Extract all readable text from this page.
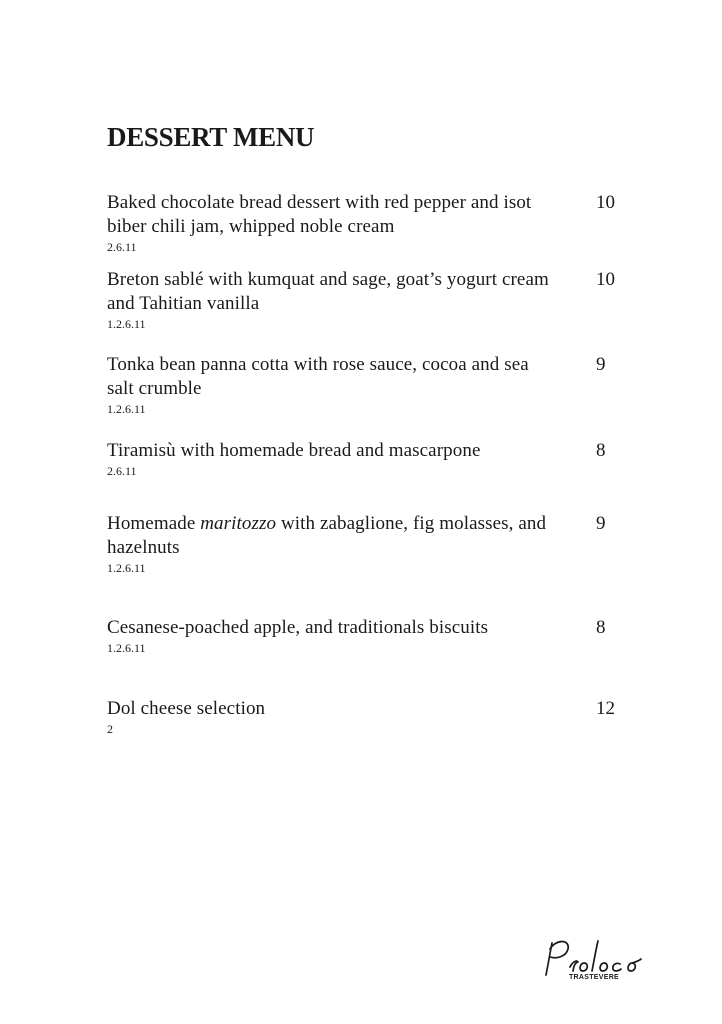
DESSERT MENU
Baked chocolate bread dessert with red pepper and isot biber chili jam, whipped noble cream
2.6.11
10
Breton sablé with kumquat and sage, goat’s yogurt cream and Tahitian vanilla
1.2.6.11
10
Tonka bean panna cotta with rose sauce, cocoa and sea salt crumble
1.2.6.11
9
Tiramisù with homemade bread and mascarpone
2.6.11
8
Homemade maritozzo with zabaglione, fig molasses, and hazelnuts
1.2.6.11
9
Cesanese-poached apple, and traditionals biscuits
1.2.6.11
8
Dol cheese selection
2
12
TRASTEVERE
